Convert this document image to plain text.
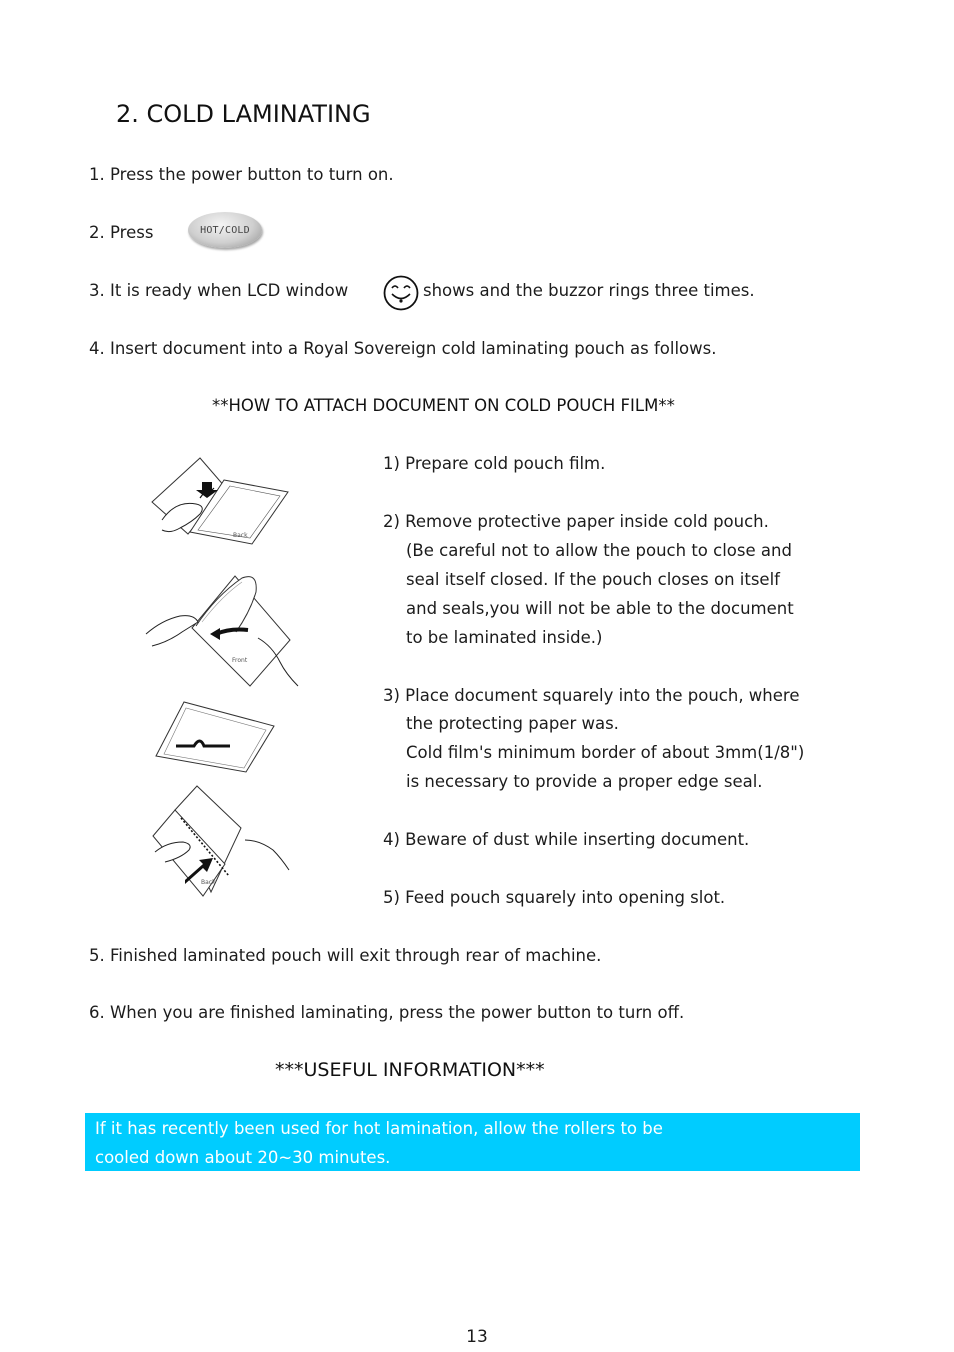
2. COLD LAMINATING
1. Press the power button to turn on.
2. Press	HOT/COLD
3. It is ready when LCD window	shows and the buzzor rings three times.
4. Insert document into a Royal Sovereign cold laminating pouch as follows.
**HOW TO ATTACH DOCUMENT ON COLD POUCH FILM**
Back
Front
Back
1) Prepare cold pouch film.
2) Remove protective paper inside cold pouch.
(Be careful not to allow the pouch to close and
seal itself closed. If the pouch closes on itself
and seals,you will not be able to the document
to be laminated inside.)
3) Place document squarely into the pouch, where
the protecting paper was.
Cold film's minimum border of about 3mm(1/8")
is necessary to provide a proper edge seal.
4) Beware of dust while inserting document.
5) Feed pouch squarely into opening slot.
5. Finished laminated pouch will exit through rear of machine.
6. When you are finished laminating, press the power button to turn off.
***USEFUL INFORMATION***
If it has recently been used for hot lamination, allow the rollers to be
cooled down about 20~30 minutes.
13
